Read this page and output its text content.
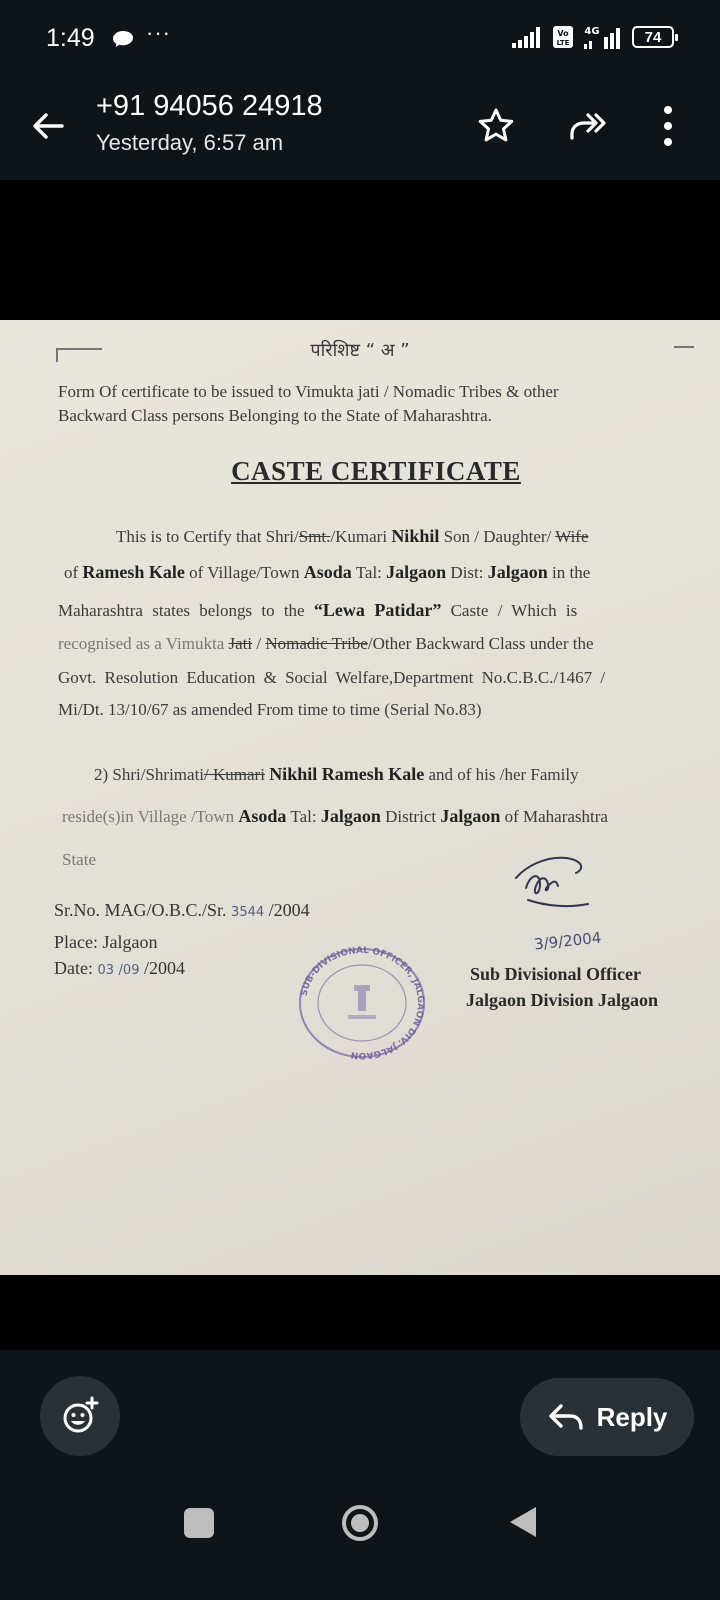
1:49 ···	Vo
LTE
4G	74
+91 94056 24918
Yesterday, 6:57 am
परिशिष्ट “ अ ”
Form Of certificate to be issued to Vimukta jati / Nomadic Tribes & other
Backward Class persons Belonging to the State of Maharashtra.
CASTE CERTIFICATE
This is to Certify that Shri/Smt./Kumari Nikhil Son / Daughter/ Wife
of Ramesh Kale of Village/Town Asoda Tal: Jalgaon Dist: Jalgaon in the
Maharashtra states belongs to the “Lewa Patidar” Caste / Which is
recognised as a Vimukta Jati / Nomadic Tribe/Other Backward Class under the
Govt. Resolution Education & Social Welfare,Department No.C.B.C./1467 /
Mi/Dt. 13/10/67 as amended From time to time (Serial No.83)
2) Shri/Shrimati/ Kumari Nikhil Ramesh Kale and of his /her Family
reside(s)in Village /Town Asoda Tal: Jalgaon District Jalgaon of Maharashtra
State
3/9/2004
Sr.No. MAG/O.B.C./Sr. 3544 /2004
Place: Jalgaon
Date: 03 /09 /2004
SUB-DIVISIONAL OFFICER, JALGAON DIV. JALGAON
Sub Divisional Officer
Jalgaon Division Jalgaon
Reply
